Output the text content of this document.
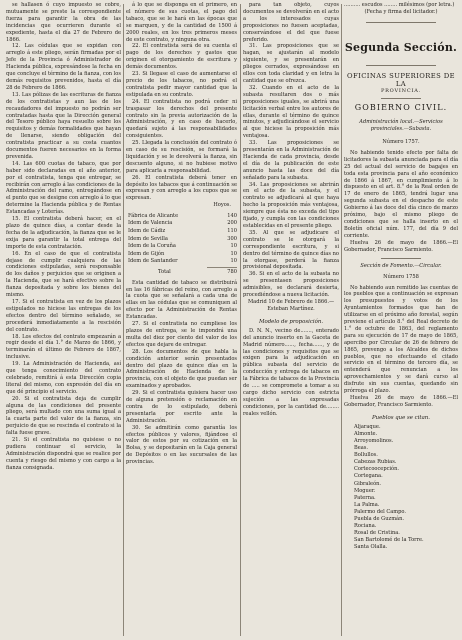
se hallasen ó cuyo impuesto se cobre, mutuamente se preste la correspondiente fuerza para garantir la obra de las incidencias que ocurrieren durante el expediente, hasta el día 27 de Febrero de 1866.

12. Las cédulas que se expidan con arreglo á este pliego, serán firmadas por el Jefe de la Provincia ó Administrador de Hacienda pública, expresándose la fecha en que concluye el término de la fianza, con los demás requisitos prevenidos, hasta el día 28 de Febrero de 1866.

13. Las pólizas de las escrituras de fianza de los contratistas y aun las de los recaudadores del impuesto no podrán ser contratadas hasta que la Dirección general del Tesoro público haya resuelto sobre los requisitos y demás formalidades que hayan de llenarse, siendo obligación del contratista practicar a su costa cuantos documentos fueren necesarios en la forma prevenida.

14. Las 600 cuotas de tabaco, que por haber sido declaradas en el año anterior, por el contratista, tenga que entregar, se recibirán con arreglo á las condiciones de la Administración del ramo, entregándose en el punto que se designe con arreglo á lo que determine la Hacienda pública y de Rentas Estancadas y Loterías.

15. El contratista deberá hacer, en el plazo de quince días, a contar desde la fecha de la adjudicación, la fianza que se le exija para garantir la total entrega del importe de esta contratación.

16. En el caso de que el contratista dejase de cumplir cualquiera de las condiciones estipuladas, será responsable de los daños y perjuicios que se originen a la Hacienda, que se hará efectivo sobre la fianza depositada y sobre los bienes del mismo.

17. Si el contratista en vez de los plazos estipulados no hiciese las entregas de los efectos dentro del término señalado, se procederá inmediatamente a la rescisión del contrato.

18. Los efectos del contrato empezarán a regir desde el día 1.° de Marzo de 1866, y terminarán el último de Febrero de 1867, inclusive.

19. La Administración de Hacienda, así que tenga conocimiento del contrato celebrado, remitirá á esta Dirección copia literal del mismo, con expresión del día en que dé principio el servicio.

20. Si el contratista deja de cumplir alguna de las condiciones del presente pliego, será multado con una suma igual a la cuarta parte del valor de la fianza, sin perjuicio de que se rescinda el contrato si la falta fuese grave.

21. Si el contratista no quisiese o no pudiera continuar el servicio, la Administración dispondrá que se realice por cuenta y riesgo del mismo y con cargo a la fianza consignada.

á lo que se disponga en el primero, en el número de sus cuotas, el pago del tabaco, que se le hará en las épocas que se marquen, y de la cantidad de 1500 á 2000 reales, en los tres primeros meses de este contrato, y ninguna otra.

22. El contratista será de su cuenta el pago de los derechos y gastos que originen el otorgamiento de escritura y demás documentos.

23. Si llegase el caso de aumentarse el precio de los tabacos, no podrá el contratista pedir mayor cantidad que la estipulada en su contrato.

24. El contratista no podrá ceder ni traspasar los derechos del presente contrato sin la previa autorización de la Administración, y en caso de hacerlo, quedará sujeto á las responsabilidades consiguientes.

25. Llegada la conclusión del contrato ó en caso de su rescisión, se formará la liquidación y se le devolverá la fianza, sin descuento alguno, si no hubiese motivo para aplicarla a responsabilidad.

26. El contratista deberá tener en depósito los tabacos que á continuación se expresan y con arreglo a los cupos que se expresan.

Hoyos.
Fábrica de Alicante	140
Idem de Valencia	200
Idem de Cádiz	110
Idem de Sevilla	300
Idem de la Coruña	10
Idem de Gijón	10
Idem de Santander	10
Total	780

Esta cantidad de tabaco se distribuirá en las 16 fábricas del reino, con arreglo a la cuota que se señalará a cada una de ellas en las cédulas que se comuniquen al efecto por la Administración de Rentas Estancadas.

27. Si el contratista no cumpliese los plazos de entrega, se le impondrá una multa del diez por ciento del valor de los efectos que dejare de entregar.

28. Los documentos de que habla la condición anterior serán presentados dentro del plazo de quince días en la Administración de Hacienda de la provincia, con el objeto de que puedan ser examinados y aprobados.

29. Si el contratista quisiera hacer uso de alguna pretensión o reclamación en contra de lo estipulado, deberá presentarla por escrito ante la Administración.

30. Se admitirán como garantía los efectos públicos y valores, fijándose el valor de estos por su cotización en la Bolsa, y se depositarán en la Caja general de Depósitos o en las sucursales de las provincias.

para tan objeto, cuyos documentos se devolverán en el acto a los interesados cuyas proposiciones no fuesen aceptadas, conservándose el del que fuese preferido.

31. Las proposiciones que se hagan, se ajustarán al modelo siguiente, y se presentarán en pliegos cerrados, expresándose en ellos con toda claridad y en letra la cantidad que se ofrezca.

32. Cuando en el acto de la subasta resultaren dos o más proposiciones iguales, se abrirá una licitación verbal entre los autores de ellas, durante el término de quince minutos, y adjudicándose el servicio al que hiciese la proposición más ventajosa.

33. Las proposiciones se presentarán en la Administración de Hacienda de cada provincia, desde el día de la publicación de este anuncio hasta las doce del día señalado para la subasta.

34. Las proposiciones se abrirán en el acto de la subasta, y el contrato se adjudicará al que haya hecho la proposición más ventajosa, siempre que ésta no exceda del tipo fijado, y cumpla con las condiciones establecidas en el presente pliego.

35. Al que se adjudicare el contrato se le otorgará la correspondiente escritura, y si dentro del término de quince días no la otorgase, perderá la fianza provisional depositada.

36. Si en el acto de la subasta no se presentasen proposiciones admisibles, se declarará desierta, procediéndose a nueva licitación.

Madrid 10 de Febrero de 1866.—Esteban Martínez.

Modelo de proposición.

D. N. N., vecino de......., enterado del anuncio inserto en la Gaceta de Madrid número......, fecha......, y de las condiciones y requisitos que se exigen para la adjudicación en pública subasta del servicio de conducción y entrega de tabacos en la Fábrica de tabacos de la Provincia de ..... se compromete a tomar a su cargo dicho servicio con estricta sujeción a las expresadas condiciones, por la cantidad de........ reales vellón.

.......... escudos ........ milésimos (por letra.)
(Fecha y firma del licitador.)
Segunda Sección.
OFICINAS SUPERIORES DE LA
PROVINCIA.
GOBIERNO CIVIL.
Administración local.—Servicios provinciales.—Subasta.
Número 1757.

No habiendo tenido efecto por falta de licitadores la subasta anunciada para el día 25 del actual del servicio de bagajes en toda esta provincia para el año económico de 1866 á 1867, en cumplimiento á lo dispuesto en el art. 8.° de la Real orden de 17 de enero de 1865, tendrá lugar una segunda subasta en el despacho de este Gobierno á las doce del día cinco de marzo próximo, bajo el mismo pliego de condiciones que se halla inserto en el Boletín oficial núm. 177, del día 9 del corriente.

Huelva 26 de mayo de 1866.—El Gobernador, Francisco Sarmiento.

Sección de Fomento.—Circular.
Número 1758

No habiendo aun remitido las cuentas de los pueblos que a continuación se expresan los presupuestos y votos de los Ayuntamientos formados que han de utilizarse en el próximo año forestal, según previene el artículo 8.° del Real decreto de 1.° de octubre de 1863, del reglamento para su ejecución de 17 de mayo de 1865, apercibo por Circular de 26 de febrero de 1865, prevengo a los Alcaldes de dichos pueblos, que no efectuando el citado servicio en el término de tercero día, se entenderá que renuncian a los aprovechamientos y se dará curso al disfrute sin sus cuentas, quedando sin prórroga el plazo.

Huelva 26 de mayo de 1866.—El Gobernador, Francisco Sarmiento.

Pueblos que se citan.
Aljaraque.
Almonte.
Arroyomolinos.
Beas.
Bollullos.
Cabezas Rubias.
Cortecoocepción.
Cortegana.
Gibraleón.
Moguer.
Paterna.
La Palma.
Palermo del Campo.
Puebla de Guzmán.
Rociana.
Rosal de Cristina.
San Bartolomé de la Torre.
Santa Olalla.
